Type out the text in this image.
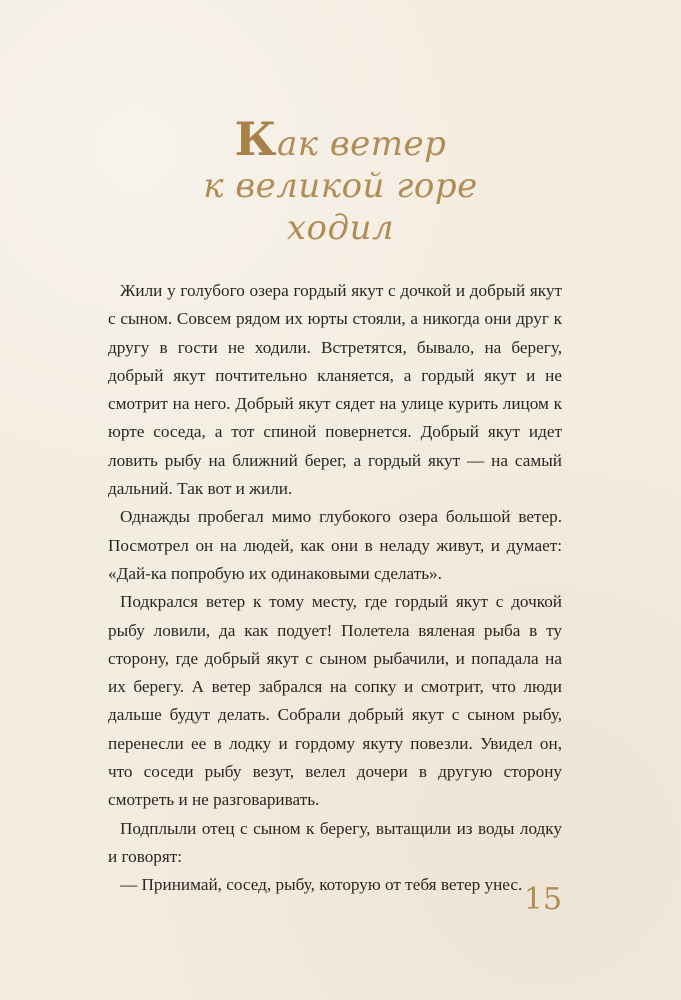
Как ветер
к великой горе
ходил

Жили у голубого озера гордый якут с дочкой и добрый якут с сыном. Совсем рядом их юрты стояли, а никогда они друг к другу в гости не ходили. Встретятся, бывало, на берегу, добрый якут почтительно кланяется, а гордый якут и не смотрит на него. Добрый якут сядет на улице курить лицом к юрте соседа, а тот спиной повернется. Добрый якут идет ловить рыбу на ближний берег, а гордый якут — на самый дальний. Так вот и жили.

Однажды пробегал мимо глубокого озера большой ветер. Посмотрел он на людей, как они в неладу живут, и думает: «Дай-ка попробую их одинаковыми сделать».

Подкрался ветер к тому месту, где гордый якут с дочкой рыбу ловили, да как подует! Полетела вяленая рыба в ту сторону, где добрый якут с сыном рыбачили, и попадала на их берегу. А ветер забрался на сопку и смотрит, что люди дальше будут делать. Собрали добрый якут с сыном рыбу, перенесли ее в лодку и гордому якуту повезли. Увидел он, что соседи рыбу везут, велел дочери в другую сторону смотреть и не разговаривать.

Подплыли отец с сыном к берегу, вытащили из воды лодку и говорят:

— Принимай, сосед, рыбу, которую от тебя ветер унес. 15
